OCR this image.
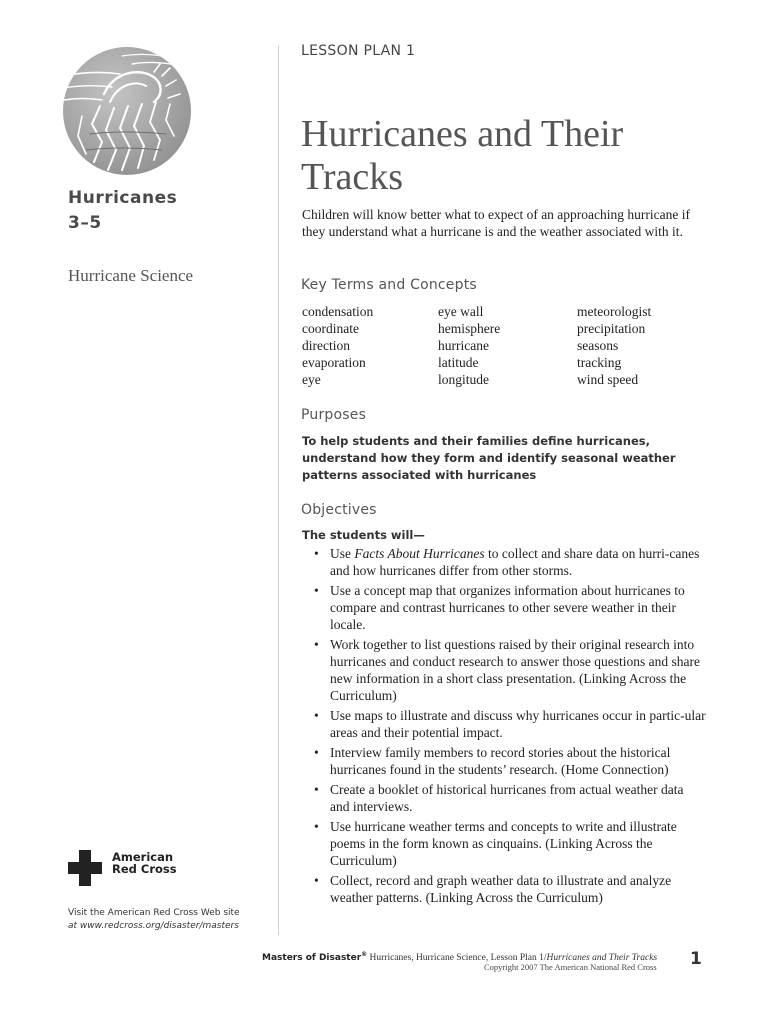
LESSON PLAN 1
Hurricanes
3–5
Hurricane Science
Hurricanes and Their
Tracks
Children will know better what to expect of an approaching hurricane if they understand what a hurricane is and the weather associated with it.
Key Terms and Concepts
condensation
coordinate
direction
evaporation
eye
eye wall
hemisphere
hurricane
latitude
longitude
meteorologist
precipitation
seasons
tracking
wind speed
Purposes
To help students and their families define hurricanes, understand how they form and identify seasonal weather patterns associated with hurricanes
Objectives
The students will—
• Use Facts About Hurricanes to collect and share data on hurri-canes and how hurricanes differ from other storms.
• Use a concept map that organizes information about hurricanes to compare and contrast hurricanes to other severe weather in their locale.
• Work together to list questions raised by their original research into hurricanes and conduct research to answer those questions and share new information in a short class presentation. (Linking Across the Curriculum)
• Use maps to illustrate and discuss why hurricanes occur in partic-ular areas and their potential impact.
• Interview family members to record stories about the historical hurricanes found in the students’ research. (Home Connection)
• Create a booklet of historical hurricanes from actual weather data and interviews.
• Use hurricane weather terms and concepts to write and illustrate poems in the form known as cinquains. (Linking Across the Curriculum)
• Collect, record and graph weather data to illustrate and analyze weather patterns. (Linking Across the Curriculum)
American
Red Cross
Visit the American Red Cross Web site
at www.redcross.org/disaster/masters
Masters of Disaster® Hurricanes, Hurricane Science, Lesson Plan 1/Hurricanes and Their Tracks
Copyright 2007 The American National Red Cross 1
